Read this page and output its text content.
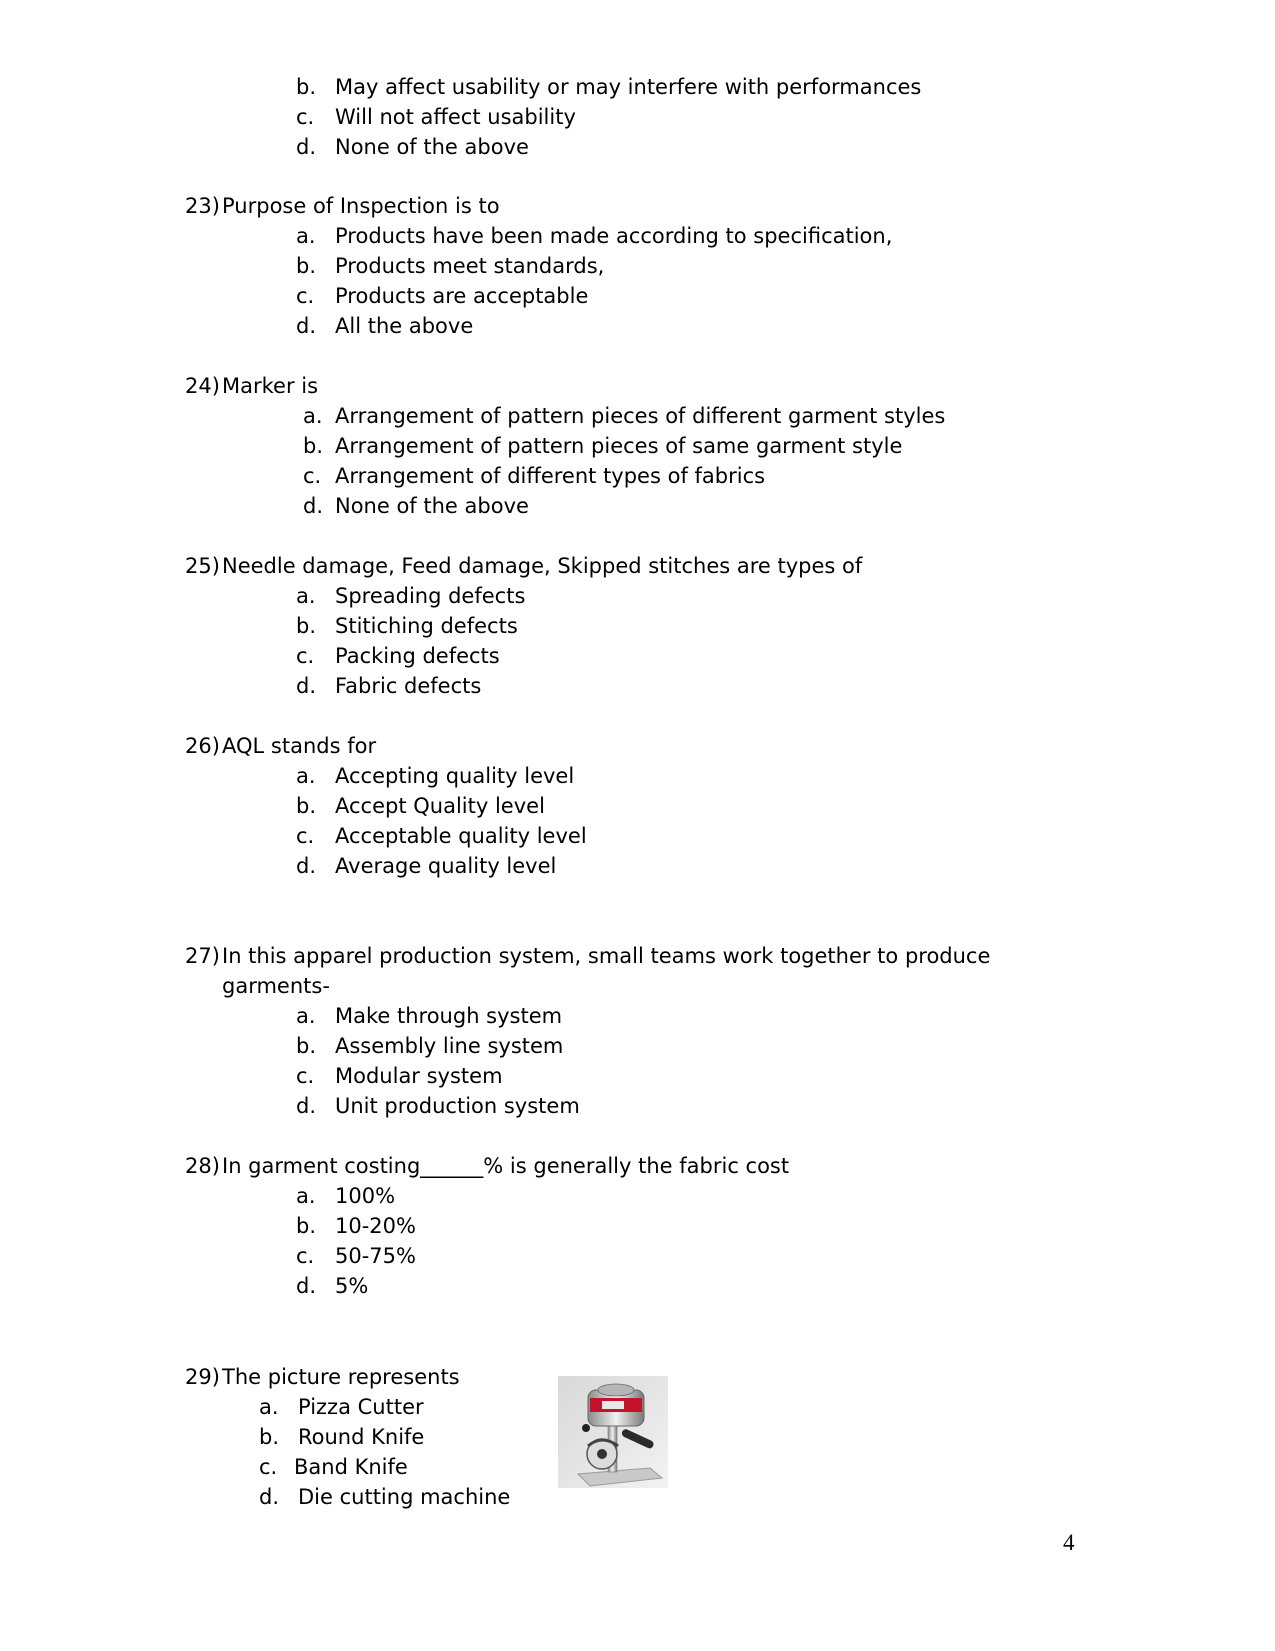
b. May affect usability or may interfere with performances
c. Will not affect usability
d. None of the above
23) Purpose of Inspection is to
a. Products have been made according to specification,
b. Products meet standards,
c. Products are acceptable
d. All the above
24) Marker is
a. Arrangement of pattern pieces of different garment styles
b. Arrangement of pattern pieces of same garment style
c. Arrangement of different types of fabrics
d. None of the above
25) Needle damage, Feed damage, Skipped stitches are types of
a. Spreading defects
b. Stitiching defects
c. Packing defects
d. Fabric defects
26) AQL stands for
a. Accepting quality level
b. Accept Quality level
c. Acceptable quality level
d. Average quality level
27) In this apparel production system, small teams work together to produce
garments-
a. Make through system
b. Assembly line system
c. Modular system
d. Unit production system
28) In garment costing______% is generally the fabric cost
a. 100%
b. 10-20%
c. 50-75%
d. 5%
29) The picture represents
a. Pizza Cutter
b. Round Knife
c. Band Knife
d. Die cutting machine
4
